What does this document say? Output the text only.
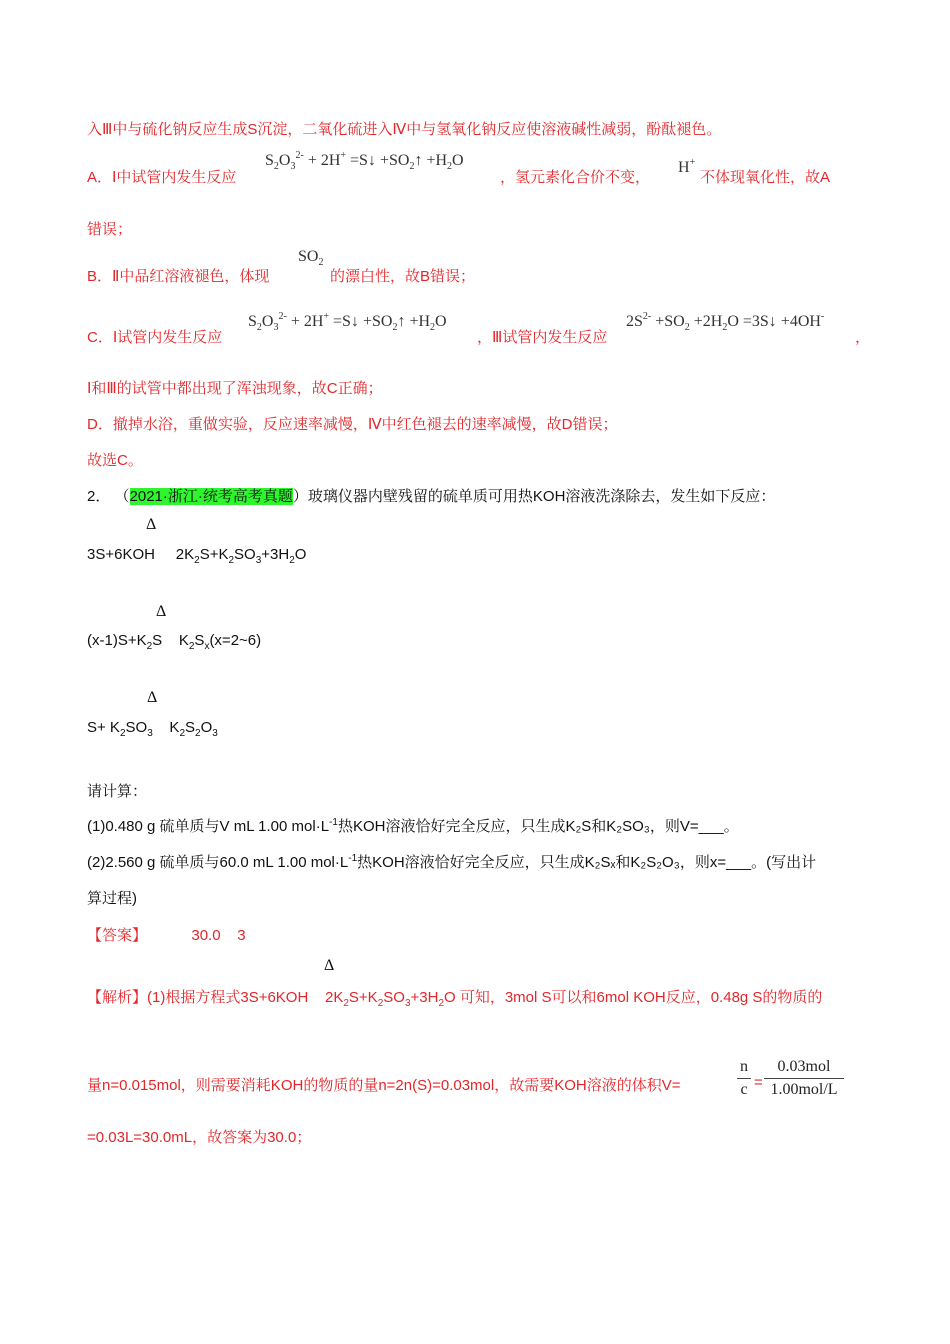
入Ⅲ中与硫化钠反应生成S沉淀，二氧化硫进入Ⅳ中与氢氧化钠反应使溶液碱性减弱，酚酞褪色。
A．Ⅰ中试管内发生反应
$S_2O_3^{2-} + 2H^+$ =S↓ $+SO_2↑ +H_2O$
，氢元素化合价不变，
H+
不体现氧化性，故A
错误；
B．Ⅱ中品红溶液褪色，体现
$SO_2$
的漂白性，故B错误；
C．Ⅰ试管内发生反应
$S_2O_3^{2-} + 2H^+$ =S↓ $+SO_2↑ +H_2O$
，Ⅲ试管内发生反应
$2S^{2-} +SO_2 +2H_2O$ =3S↓ +4OH-
，
Ⅰ和Ⅲ的试管中都出现了浑浊现象，故C正确；
D．撤掉水浴，重做实验，反应速率减慢，Ⅳ中红色褪去的速率减慢，故D错误；
故选C。
2． （2021·浙江·统考高考真题）玻璃仪器内壁残留的硫单质可用热KOH溶液洗涤除去，发生如下反应：
Δ
3S+6KOH     $2K_2S+K_2SO_3+3H_2O$
Δ
$(x-1)S+K_2S$    $K_2S_x(x=2\sim 6)$
Δ
$S+ K_2SO_3$    $K_2S_2O_3$
请计算：
(1)0.480 g 硫单质与V mL 1.00 $mol\cdot L^{-1}$热KOH溶液恰好完全反应，只生成K₂S和K₂SO₃，则V=___。
(2)2.560 g 硫单质与60.0 mL 1.00 $mol\cdot L^{-1}$热KOH溶液恰好完全反应，只生成K₂Sₓ和K₂S₂O₃，则x=___。(写出计
算过程)
【答案】	30.0    3
Δ
【解析】(1)根据方程式3S+6KOH    $2K_2S+K_2SO_3+3H_2O$ 可知，3mol S可以和6mol KOH反应，0.48g S的物质的
量n=0.015mol，则需要消耗KOH的物质的量n=2n(S)=0.03mol，故需要KOH溶液的体积V=	$\frac{n}{c}$ =
0.03mol
1.00mol/L
=0.03L=30.0mL，故答案为30.0；
